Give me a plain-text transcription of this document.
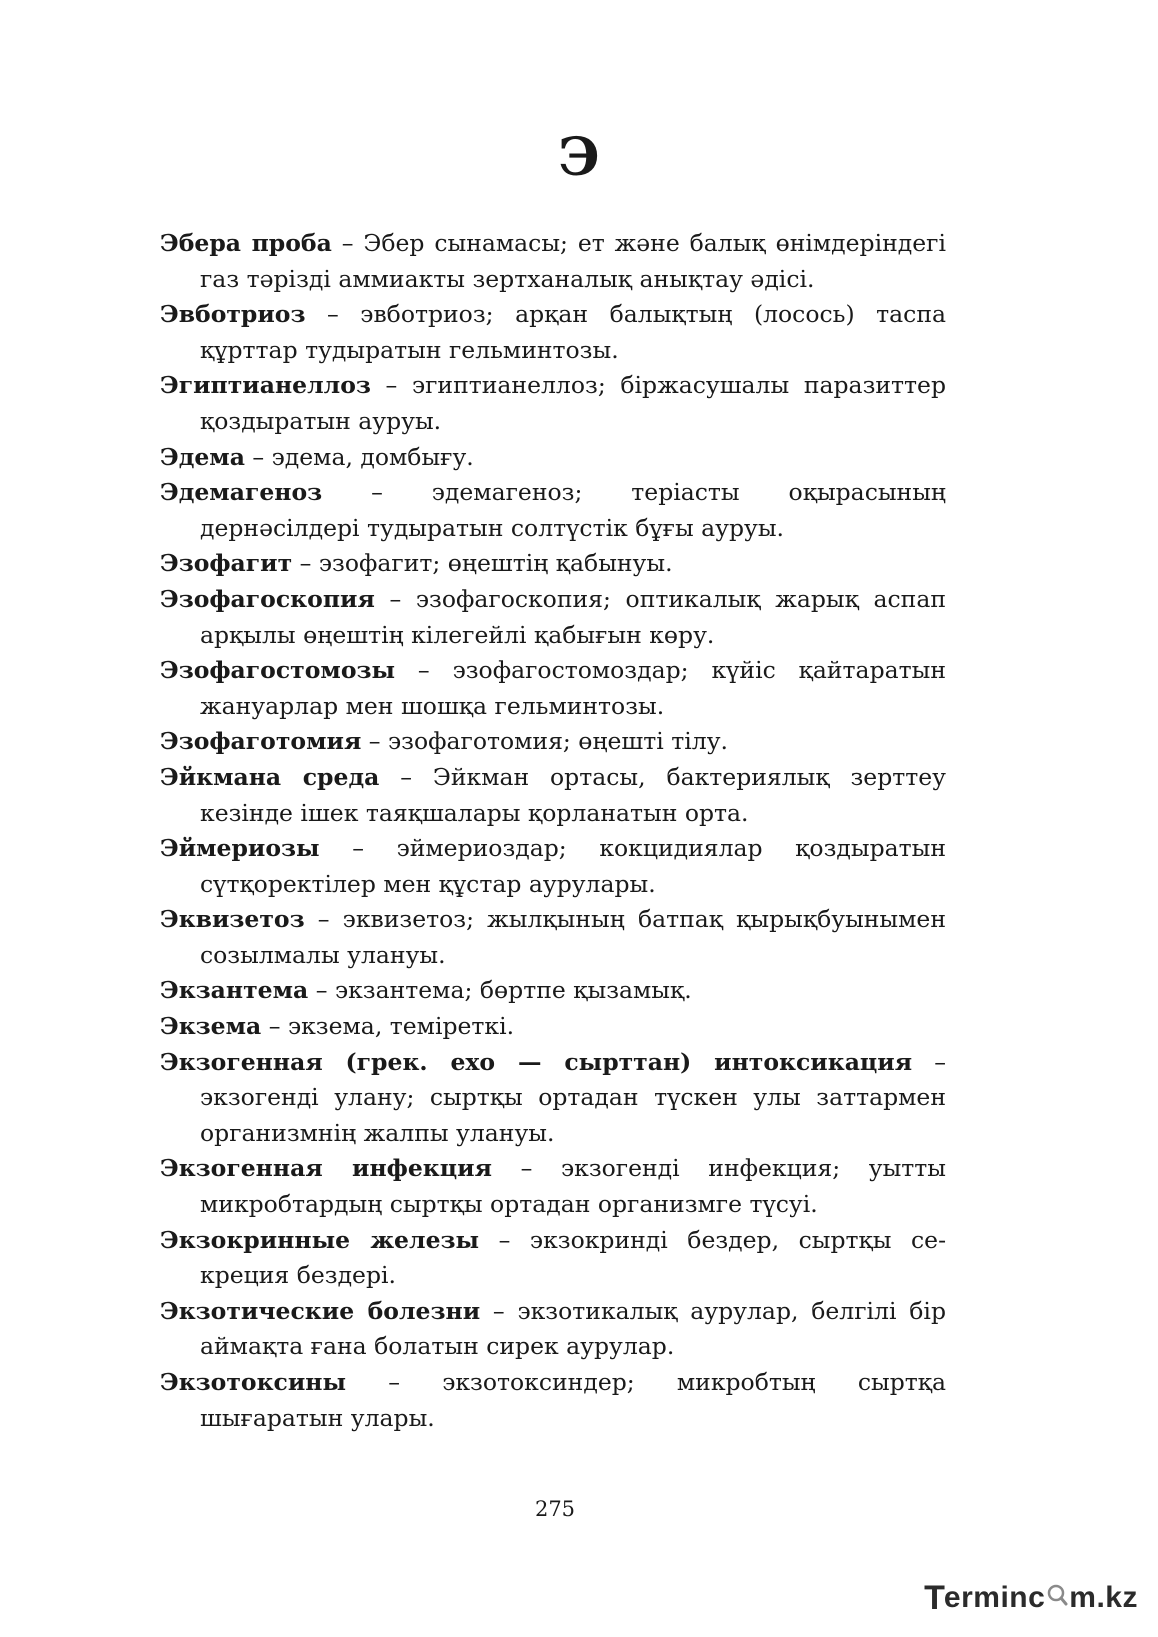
Э

Эбера проба – Эбер сынамасы; ет және балық өнімдеріндегі газ тәрізді аммиакты зертханалық анықтау әдісі.

Эвботриоз – эвботриоз; арқан балықтың (лосось) таспа құрттар тудыратын гельминтозы.

Эгиптианеллоз – эгиптианеллоз; біржасушалы паразиттер қоздыратын ауруы.

Эдема – эдема, домбығу.

Эдемагеноз – эдемагеноз; теріасты оқырасының дернәсілдері тудыратын солтүстік бұғы ауруы.

Эзофагит – эзофагит; өңештің қабынуы.

Эзофагоскопия – эзофагоскопия; оптикалық жарық аспап арқылы өңештің кілегейлі қабығын көру.

Эзофагостомозы – эзофагостомоздар; күйіс қайтаратын жануарлар мен шошқа гельминтозы.

Эзофаготомия – эзофаготомия; өңешті тілу.

Эйкмана среда – Эйкман ортасы, бактериялық зерттеу кезінде ішек таяқшалары қорланатын орта.

Эймериозы – эймериоздар; кокцидиялар қоздыратын сүтқоректілер мен құстар аурулары.

Эквизетоз – эквизетоз; жылқының батпақ қырықбуынымен созылмалы улануы.

Экзантема – экзантема; бөртпе қызамық.

Экзема – экзема, теміреткі.

Экзогенная (грек. exo — сырттан) интоксикация – экзогенді улану; сыртқы ортадан түскен улы заттармен организмнің жалпы улануы.

Экзогенная инфекция – экзогенді инфекция; уытты микробтардың сыртқы ортадан организмге түсуі.

Экзокринные железы – экзокринді бездер, сыртқы секреция бездері.

Экзотические болезни – экзотикалық аурулар, белгілі бір аймақта ғана болатын сирек аурулар.

Экзотоксины – экзотоксиндер; микробтың сыртқа шығаратын улары.

275
T erminc m.kz
